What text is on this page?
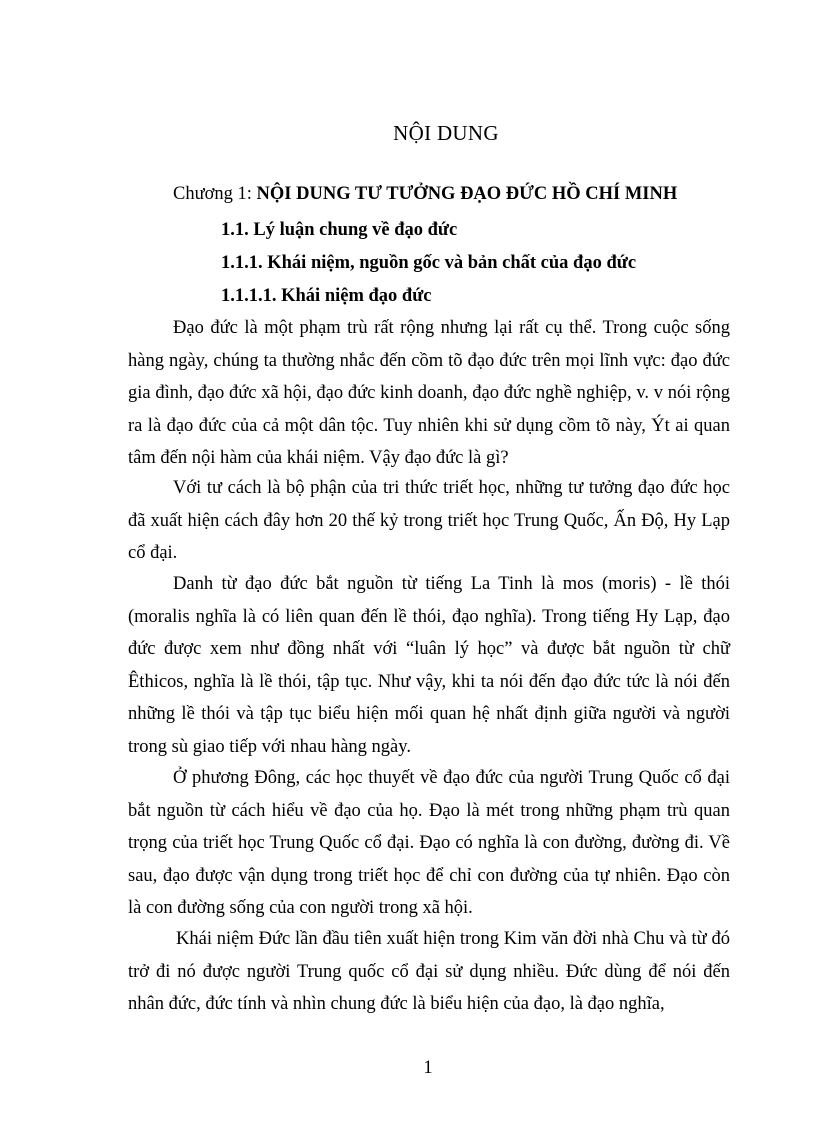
NỘI DUNG
Chương 1: NỘI DUNG TƯ TƯỞNG ĐẠO ĐỨC HỒ CHÍ MINH
1.1. Lý luận chung về đạo đức
1.1.1. Khái niệm, nguồn gốc và bản chất của đạo đức
1.1.1.1. Khái niệm đạo đức

Đạo đức là một phạm trù rất rộng nhưng lại rất cụ thể. Trong cuộc sống hàng ngày, chúng ta thường nhắc đến cồm tõ đạo đức trên mọi lĩnh vực: đạo đức gia đình, đạo đức xã hội, đạo đức kinh doanh, đạo đức nghề nghiệp, v. v nói rộng ra là đạo đức của cả một dân tộc. Tuy nhiên khi sử dụng cồm tõ này, Ýt ai quan tâm đến nội hàm của khái niệm. Vậy đạo đức là gì?

Với tư cách là bộ phận của tri thức triết học, những tư tưởng đạo đức học đã xuất hiện cách đây hơn 20 thế kỷ trong triết học Trung Quốc, Ấn Độ, Hy Lạp cổ đại.

Danh từ đạo đức bắt nguồn từ tiếng La Tinh là mos (moris) - lề thói (moralis nghĩa là có liên quan đến lề thói, đạo nghĩa). Trong tiếng Hy Lạp, đạo đức được xem như đồng nhất với “luân lý học” và được bắt nguồn từ chữ Êthicos, nghĩa là lề thói, tập tục. Như vậy, khi ta nói đến đạo đức tức là nói đến những lề thói và tập tục biểu hiện mối quan hệ nhất định giữa người và người trong sù giao tiếp với nhau hàng ngày.

Ở phương Đông, các học thuyết về đạo đức của người Trung Quốc cổ đại bắt nguồn từ cách hiểu về đạo của họ. Đạo là mét trong những phạm trù quan trọng của triết học Trung Quốc cổ đại. Đạo có nghĩa là con đường, đường đi. Về sau, đạo được vận dụng trong triết học để chỉ con đường của tự nhiên. Đạo còn là con đường sống của con người trong xã hội.

Khái niệm Đức lần đầu tiên xuất hiện trong Kim văn đời nhà Chu và từ đó trở đi nó được người Trung quốc cổ đại sử dụng nhiều. Đức dùng để nói đến nhân đức, đức tính và nhìn chung đức là biểu hiện của đạo, là đạo nghĩa,

1
